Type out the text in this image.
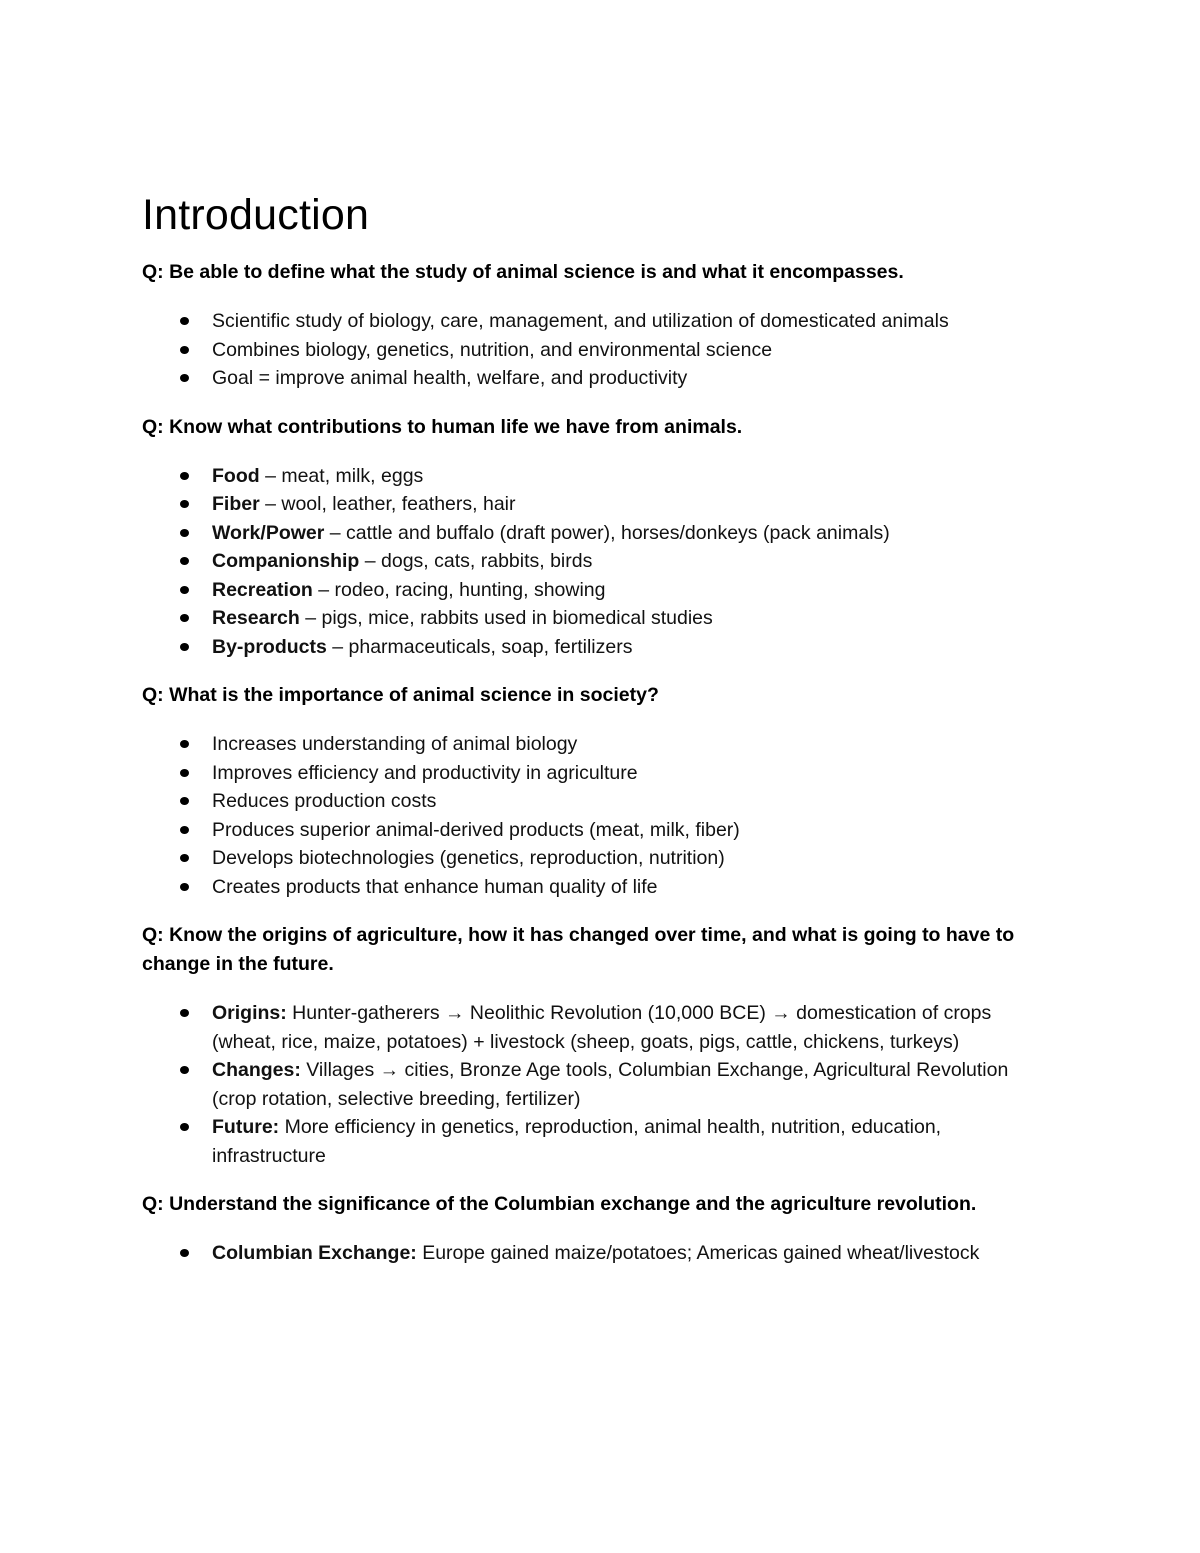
Introduction

Q: Be able to define what the study of animal science is and what it encompasses.

Scientific study of biology, care, management, and utilization of domesticated animals
Combines biology, genetics, nutrition, and environmental science
Goal = improve animal health, welfare, and productivity

Q: Know what contributions to human life we have from animals.

Food – meat, milk, eggs
Fiber – wool, leather, feathers, hair
Work/Power – cattle and buffalo (draft power), horses/donkeys (pack animals)
Companionship – dogs, cats, rabbits, birds
Recreation – rodeo, racing, hunting, showing
Research – pigs, mice, rabbits used in biomedical studies
By-products – pharmaceuticals, soap, fertilizers

Q: What is the importance of animal science in society?

Increases understanding of animal biology
Improves efficiency and productivity in agriculture
Reduces production costs
Produces superior animal-derived products (meat, milk, fiber)
Develops biotechnologies (genetics, reproduction, nutrition)
Creates products that enhance human quality of life

Q: Know the origins of agriculture, how it has changed over time, and what is going to have to change in the future.

Origins: Hunter-gatherers → Neolithic Revolution (10,000 BCE) → domestication of crops (wheat, rice, maize, potatoes) + livestock (sheep, goats, pigs, cattle, chickens, turkeys)
Changes: Villages → cities, Bronze Age tools, Columbian Exchange, Agricultural Revolution (crop rotation, selective breeding, fertilizer)
Future: More efficiency in genetics, reproduction, animal health, nutrition, education, infrastructure

Q: Understand the significance of the Columbian exchange and the agriculture revolution.

Columbian Exchange: Europe gained maize/potatoes; Americas gained wheat/livestock
